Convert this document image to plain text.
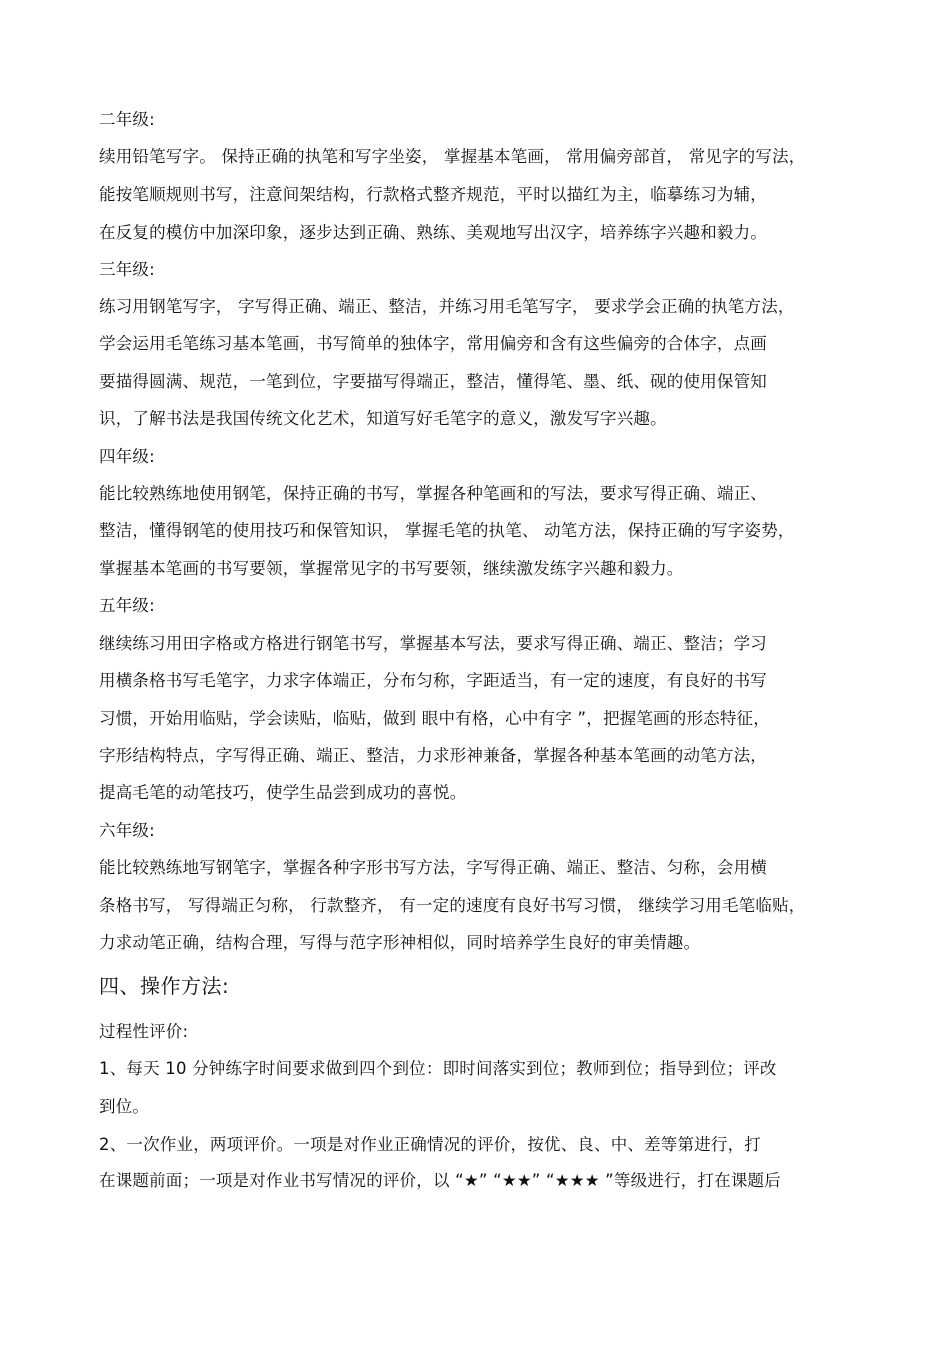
二年级:
续用铅笔写字。 保持正确的执笔和写字坐姿， 掌握基本笔画， 常用偏旁部首， 常见字的写法，
能按笔顺规则书写，注意间架结构，行款格式整齐规范，平时以描红为主，临摹练习为辅，
在反复的模仿中加深印象，逐步达到正确、熟练、美观地写出汉字，培养练字兴趣和毅力。
三年级:
练习用钢笔写字， 字写得正确、端正、整洁，并练习用毛笔写字， 要求学会正确的执笔方法，
学会运用毛笔练习基本笔画，书写简单的独体字，常用偏旁和含有这些偏旁的合体字，点画
要描得圆满、规范，一笔到位，字要描写得端正，整洁，懂得笔、墨、纸、砚的使用保管知
识，了解书法是我国传统文化艺术，知道写好毛笔字的意义，激发写字兴趣。
四年级:
能比较熟练地使用钢笔，保持正确的书写，掌握各种笔画和的写法，要求写得正确、端正、
整洁，懂得钢笔的使用技巧和保管知识， 掌握毛笔的执笔、 动笔方法，保持正确的写字姿势，
掌握基本笔画的书写要领，掌握常见字的书写要领，继续激发练字兴趣和毅力。
五年级:
继续练习用田字格或方格进行钢笔书写，掌握基本写法，要求写得正确、端正、整洁；学习
用横条格书写毛笔字，力求字体端正，分布匀称，字距适当，有一定的速度，有良好的书写
习惯，开始用临贴，学会读贴，临贴，做到 眼中有格，心中有字 ”，把握笔画的形态特征，
字形结构特点，字写得正确、端正、整洁，力求形神兼备，掌握各种基本笔画的动笔方法，
提高毛笔的动笔技巧，使学生品尝到成功的喜悦。
六年级:
能比较熟练地写钢笔字，掌握各种字形书写方法，字写得正确、端正、整洁、匀称，会用横
条格书写， 写得端正匀称， 行款整齐， 有一定的速度有良好书写习惯， 继续学习用毛笔临贴，
力求动笔正确，结构合理，写得与范字形神相似，同时培养学生良好的审美情趣。
四、操作方法:
过程性评价:
1、每天 10 分钟练字时间要求做到四个到位：即时间落实到位；教师到位；指导到位；评改
到位。
2、一次作业，两项评价。一项是对作业正确情况的评价，按优、良、中、差等第进行，打
在课题前面；一项是对作业书写情况的评价，以 “★” “★★” “★★★ ”等级进行，打在课题后
